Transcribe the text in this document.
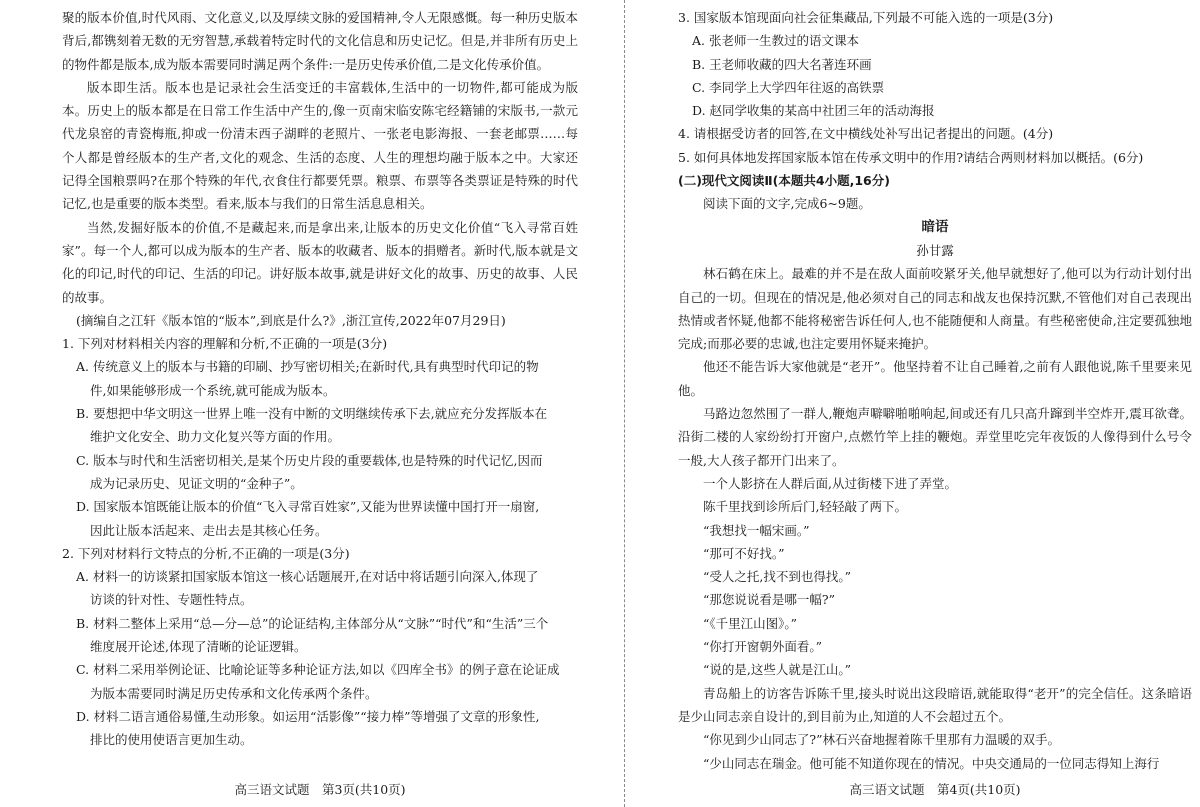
聚的版本价值,时代风雨、文化意义,以及厚续文脉的爱国精神,令人无限感慨。每一种历史版本背后,都镌刻着无数的无穷智慧,承载着特定时代的文化信息和历史记忆。但是,并非所有历史上的物件都是版本,成为版本需要同时满足两个条件:一是历史传承价值,二是文化传承价值。

版本即生活。版本也是记录社会生活变迁的丰富载体,生活中的一切物件,都可能成为版本。历史上的版本都是在日常工作生活中产生的,像一页南宋临安陈宅经籍铺的宋版书,一款元代龙泉窑的青瓷梅瓶,抑或一份清末西子湖畔的老照片、一张老电影海报、一套老邮票……每个人都是曾经版本的生产者,文化的观念、生活的态度、人生的理想均融于版本之中。大家还记得全国粮票吗?在那个特殊的年代,衣食住行都要凭票。粮票、布票等各类票证是特殊的时代记忆,也是重要的版本类型。看来,版本与我们的日常生活息息相关。

当然,发掘好版本的价值,不是藏起来,而是拿出来,让版本的历史文化价值“飞入寻常百姓家”。每一个人,都可以成为版本的生产者、版本的收藏者、版本的捐赠者。新时代,版本就是文化的印记,时代的印记、生活的印记。讲好版本故事,就是讲好文化的故事、历史的故事、人民的故事。

(摘编自之江轩《版本馆的“版本”,到底是什么?》,浙江宣传,2022年07月29日)

1. 下列对材料相关内容的理解和分析,不正确的一项是(3分)

A. 传统意义上的版本与书籍的印刷、抄写密切相关;在新时代,具有典型时代印记的物

件,如果能够形成一个系统,就可能成为版本。

B. 要想把中华文明这一世界上唯一没有中断的文明继续传承下去,就应充分发挥版本在

维护文化安全、助力文化复兴等方面的作用。

C. 版本与时代和生活密切相关,是某个历史片段的重要载体,也是特殊的时代记忆,因而

成为记录历史、见证文明的“金种子”。

D. 国家版本馆既能让版本的价值“飞入寻常百姓家”,又能为世界读懂中国打开一扇窗,

因此让版本活起来、走出去是其核心任务。

2. 下列对材料行文特点的分析,不正确的一项是(3分)

A. 材料一的访谈紧扣国家版本馆这一核心话题展开,在对话中将话题引向深入,体现了

访谈的针对性、专题性特点。

B. 材料二整体上采用“总—分—总”的论证结构,主体部分从“文脉”“时代”和“生活”三个

维度展开论述,体现了清晰的论证逻辑。

C. 材料二采用举例论证、比喻论证等多种论证方法,如以《四库全书》的例子意在论证成

为版本需要同时满足历史传承和文化传承两个条件。

D. 材料二语言通俗易懂,生动形象。如运用“活影像”“接力棒”等增强了文章的形象性,

排比的使用使语言更加生动。

高三语文试题　第3页(共10页)

3. 国家版本馆现面向社会征集藏品,下列最不可能入选的一项是(3分)

A. 张老师一生教过的语文课本

B. 王老师收藏的四大名著连环画

C. 李同学上大学四年往返的高铁票

D. 赵同学收集的某高中社团三年的活动海报

4. 请根据受访者的回答,在文中横线处补写出记者提出的问题。(4分)

5. 如何具体地发挥国家版本馆在传承文明中的作用?请结合两则材料加以概括。(6分)

(二)现代文阅读Ⅱ(本题共4小题,16分)

阅读下面的文字,完成6~9题。

暗语

孙甘露

林石鹤在床上。最难的并不是在敌人面前咬紧牙关,他早就想好了,他可以为行动计划付出自己的一切。但现在的情况是,他必须对自己的同志和战友也保持沉默,不管他们对自己表现出热情或者怀疑,他都不能将秘密告诉任何人,也不能随便和人商量。有些秘密使命,注定要孤独地完成;而那必要的忠诚,也注定要用怀疑来掩护。

他还不能告诉大家他就是“老开”。他坚持着不让自己睡着,之前有人跟他说,陈千里要来见他。

马路边忽然围了一群人,鞭炮声噼噼啪啪响起,间或还有几只高升蹿到半空炸开,震耳欲聋。沿街二楼的人家纷纷打开窗户,点燃竹竿上挂的鞭炮。弄堂里吃完年夜饭的人像得到什么号令一般,大人孩子都开门出来了。

一个人影挤在人群后面,从过街楼下进了弄堂。

陈千里找到诊所后门,轻轻敲了两下。

“我想找一幅宋画。”

“那可不好找。”

“受人之托,找不到也得找。”

“那您说说看是哪一幅?”

“《千里江山图》。”

“你打开窗朝外面看。”

“说的是,这些人就是江山。”

青岛船上的访客告诉陈千里,接头时说出这段暗语,就能取得“老开”的完全信任。这条暗语是少山同志亲自设计的,到目前为止,知道的人不会超过五个。

“你见到少山同志了?”林石兴奋地握着陈千里那有力温暖的双手。

“少山同志在瑞金。他可能不知道你现在的情况。中央交通局的一位同志得知上海行

高三语文试题　第4页(共10页)
